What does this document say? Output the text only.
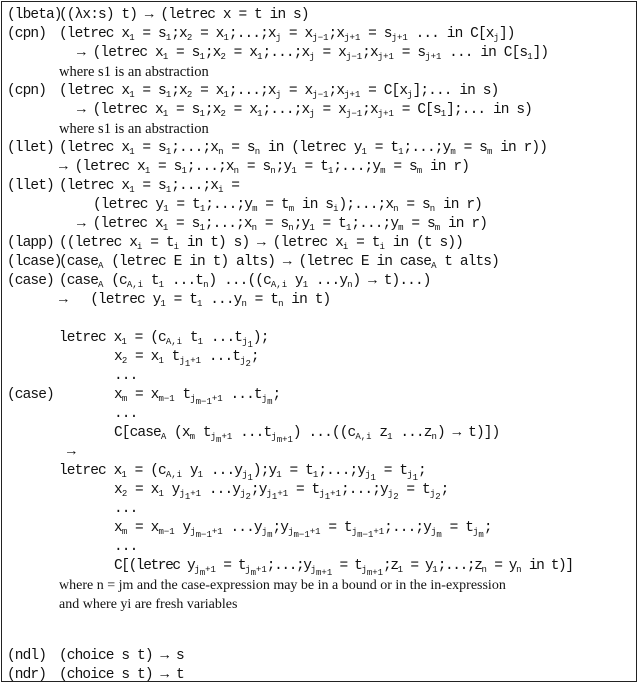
(lbeta)
((λx:s) t) → (letrec x = t in s)
(cpn) (letrec $x_1$ = $s_1;x_2$ = $x_1;...;x_j$ = $x_{j-1};x_{j+1} = s_{j+1}$ ... in $C[x_j]$)
→ (letrec $x_1$ = $s_1;x_2$ = $x_1;...;x_j$ = $x_{j-1};x_{j+1} = s_{j+1}$ ... in $C[s_1]$)
where s1 is an abstraction
(cpn) (letrec $x_1$ = $s_1;x_2$ = $x_1;...;x_j$ = $x_{j-1};x_{j+1} = C[x_j]$;... in s)
→ (letrec $x_1$ = $s_1;x_2$ = $x_1;...;x_j$ = $x_{j-1};x_{j+1} = C[s_1]$;... in s)
where s1 is an abstraction
(llet) (letrec $x_1$ = $s_1;...;x_n = s_n$ in (letrec $y_1$ = $t_1;...;y_m = s_m$ in r))
→ (letrec $x_1$ = $s_1;...;x_n$ = $s_n;y_1$ = $t_1;...;y_m = s_m$ in r)
(llet) (letrec $x_1$ = $s_1;...;x_i$ =
(letrec $y_1$ = $t_1;...;y_m = t_m$ in $s_i);...;x_n = s_n$ in r)
→ (letrec $x_1$ = $s_1;...;x_n$ = $s_n;y_1$ = $t_1;...;y_m = s_m$ in r)
(lapp) ((letrec $x_i = t_i$ in t) s) → (letrec $x_i = t_i$ in (t s))
(lcase)
(case$_A$ (letrec E in t) alts) → (letrec E in case$_A$ t alts)
(case) (case$_A$ ($c_{A,i}$ $t_1$ $...t_n$) $...((c_{A,i}$ $y_1$ $...y_n) \to t$)...)
→   (letrec $y_1 = t_1$ $...y_n = t_n$ in t)
(case)
letrec $x_1 = (c_{A,i}$ $t_1$ $...t_{j_1}$);
$x_2 = x_1$ $t_{j_1+1}$ $...t_{j_2}$;
...
$x_m = x_{m-1}$ $t_{j_{m-1}+1}$ $...t_{j_m}$;
...
C[case$_A$ ($x_m$ $t_{j_m+1}$ $...t_{j_{m+1}}$) $...((c_{A,i}$ $z_1$ $...z_n) \to t$)])
→
letrec $x_1 = (c_{A,i}$ $y_1$ $...y_{j_1});y_1$ = $t_1;...;y_{j_1} = t_{j_1}$;
$x_2 = x_1$ $y_{j_1+1}$ $...y_{j_2};y_{j_1+1}$ = $t_{j_1+1};...;y_{j_2} = t_{j_2}$;
...
$x_m = x_{m-1}$ $y_{j_{m-1}+1}$ $...y_{j_m};y_{j_{m-1}+1}$ = $t_{j_{m-1}+1};...;y_{j_m} = t_{j_m}$;
...
C[(letrec $y_{j_m+1}$ = $t_{j_m+1};...;y_{j_{m+1}}$ = $t_{j_{m+1}};z_1$ = $y_1;...;z_n = y_n$ in t)]
where n = jm and the case-expression may be in a bound or in the in-expression
and where yi are fresh variables
(ndl) (choice s t) → s
(ndr) (choice s t) → t
